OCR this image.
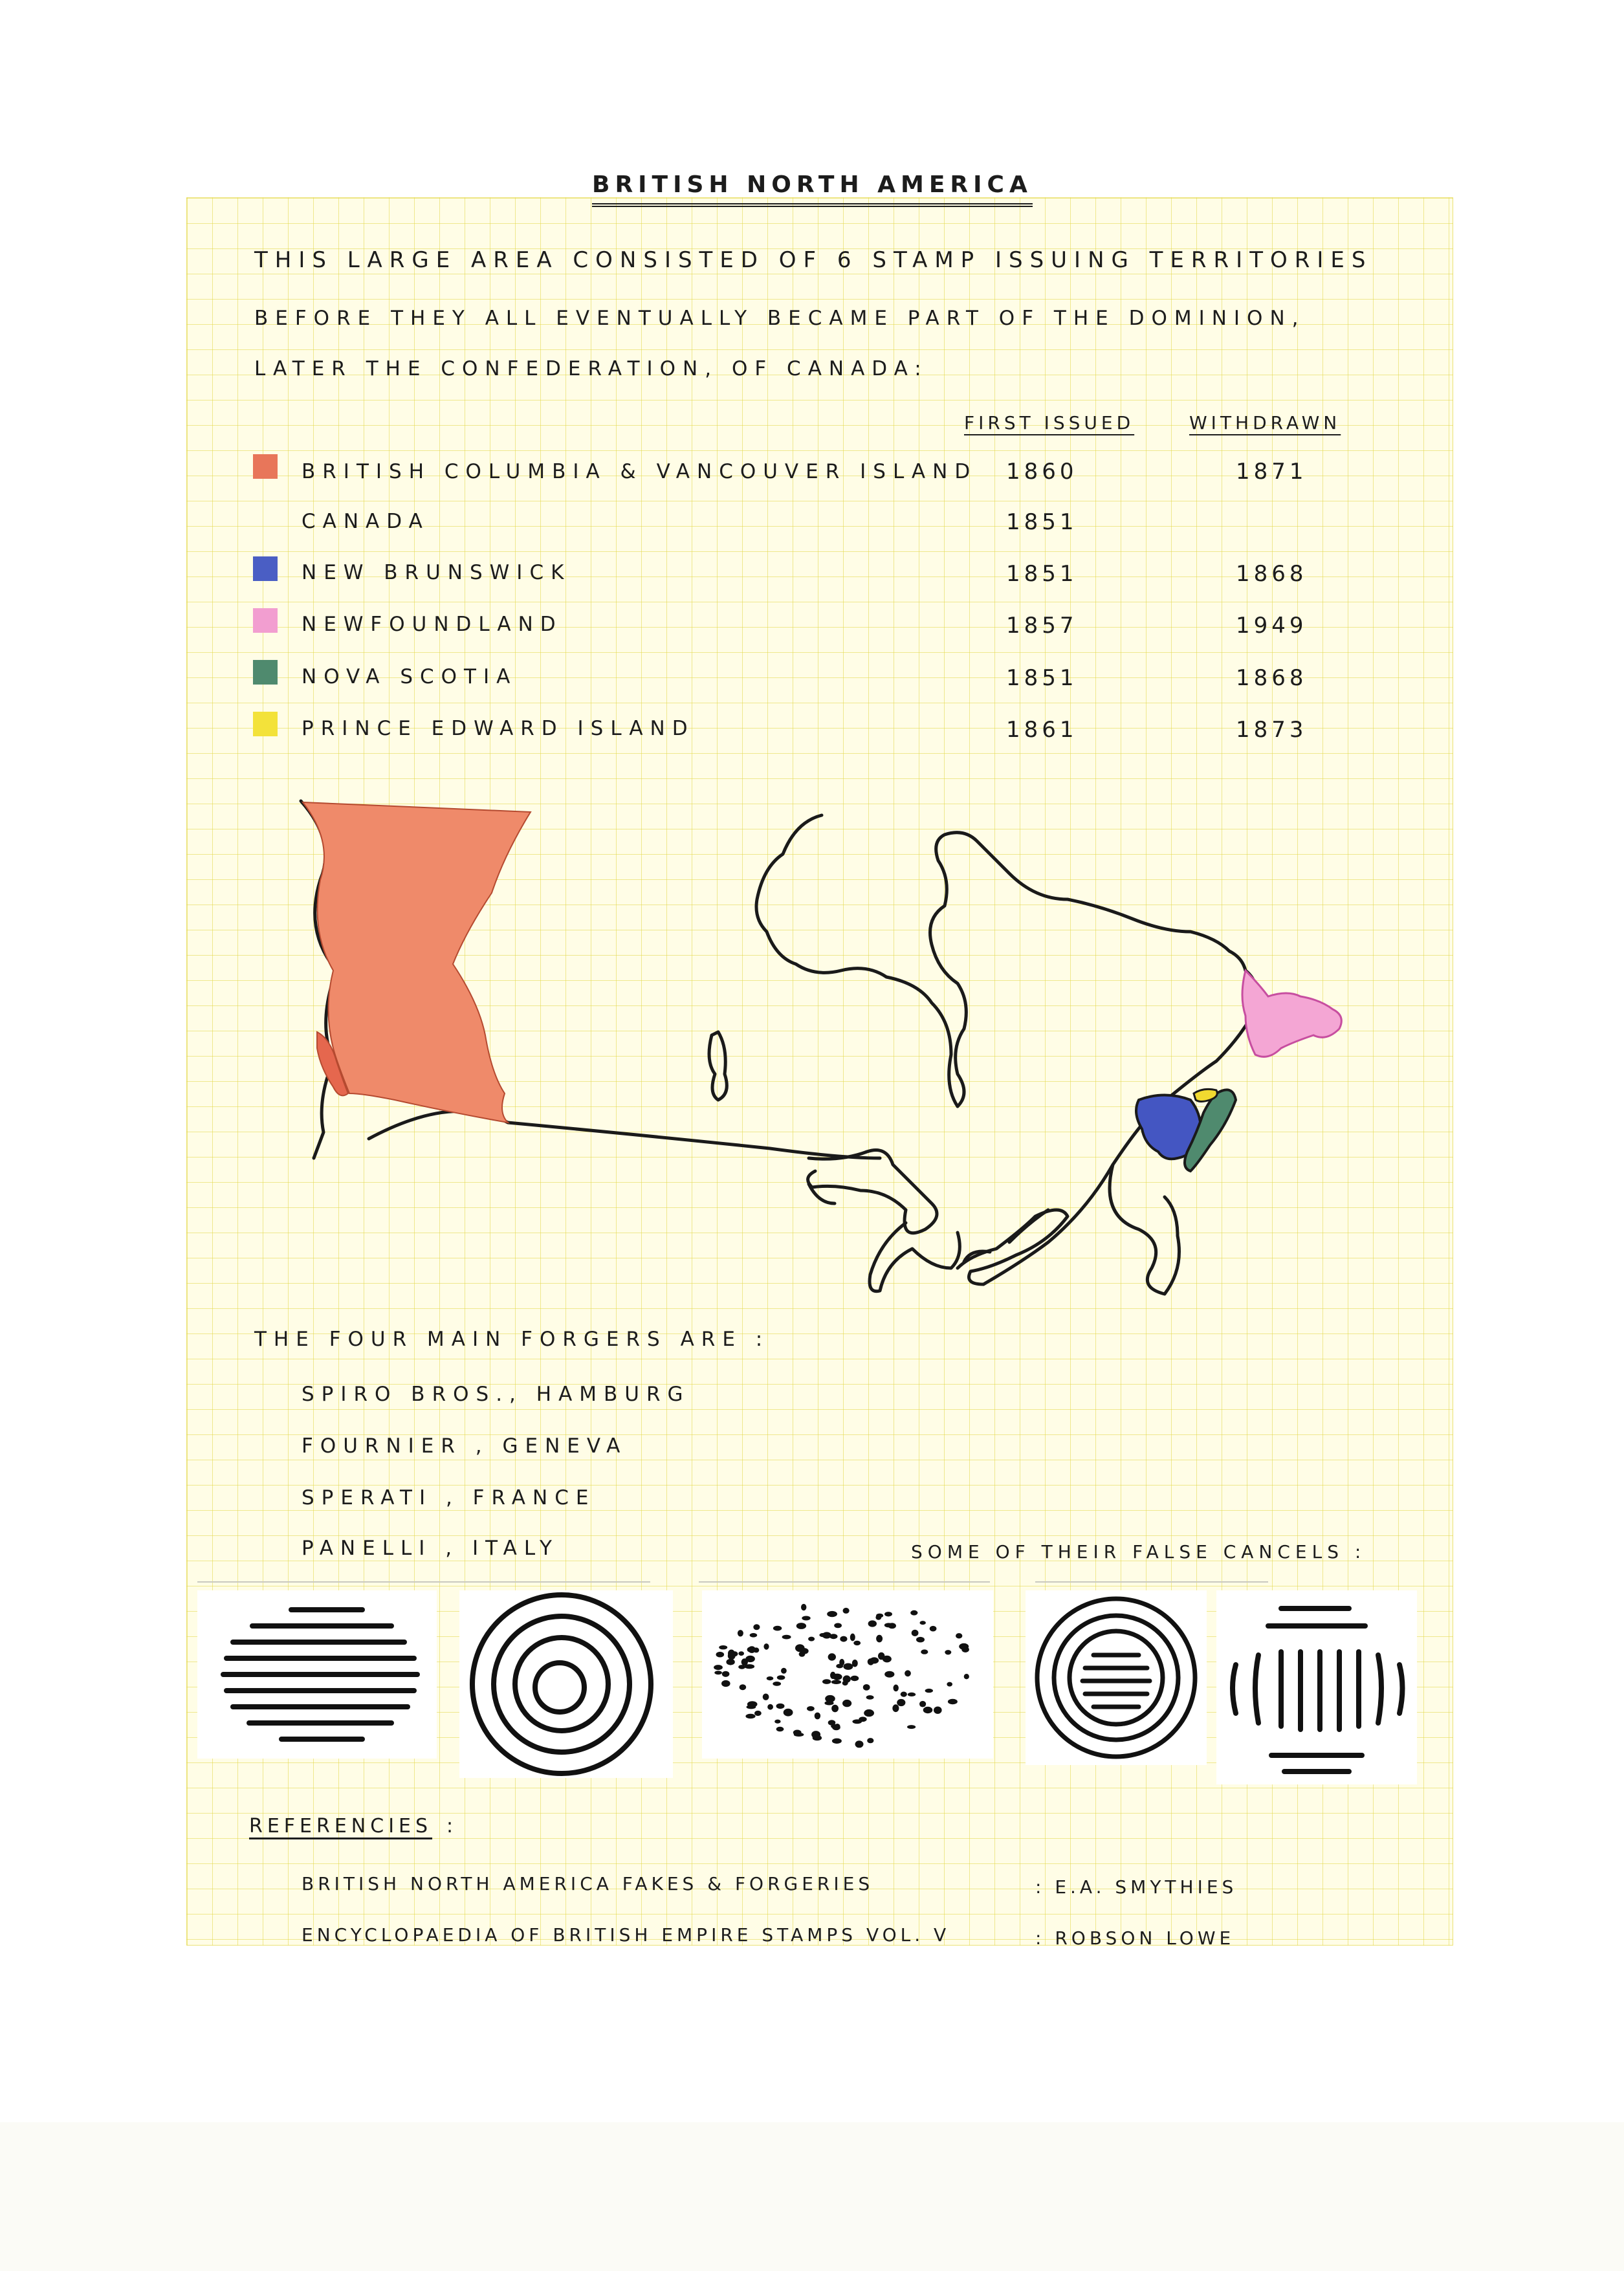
BRITISH NORTH AMERICA

THIS LARGE AREA CONSISTED OF 6 STAMP ISSUING TERRITORIES

BEFORE THEY ALL EVENTUALLY BECAME PART OF THE DOMINION,

LATER THE CONFEDERATION, OF CANADA:

FIRST ISSUED	WITHDRAWN

BRITISH COLUMBIA & VANCOUVER ISLAND 1860	1871

CANADA	1851

NEW BRUNSWICK	1851	1868

NEWFOUNDLAND	1857	1949

NOVA SCOTIA	1851	1868

PRINCE EDWARD ISLAND	1861	1873

THE FOUR MAIN FORGERS ARE :

SPIRO BROS., HAMBURG

FOURNIER , GENEVA

SPERATI , FRANCE

PANELLI , ITALY	SOME OF THEIR FALSE CANCELS :

REFERENCIES :

BRITISH NORTH AMERICA FAKES & FORGERIES	: E.A. SMYTHIES

ENCYCLOPAEDIA OF BRITISH EMPIRE STAMPS VOL. V	: ROBSON LOWE
